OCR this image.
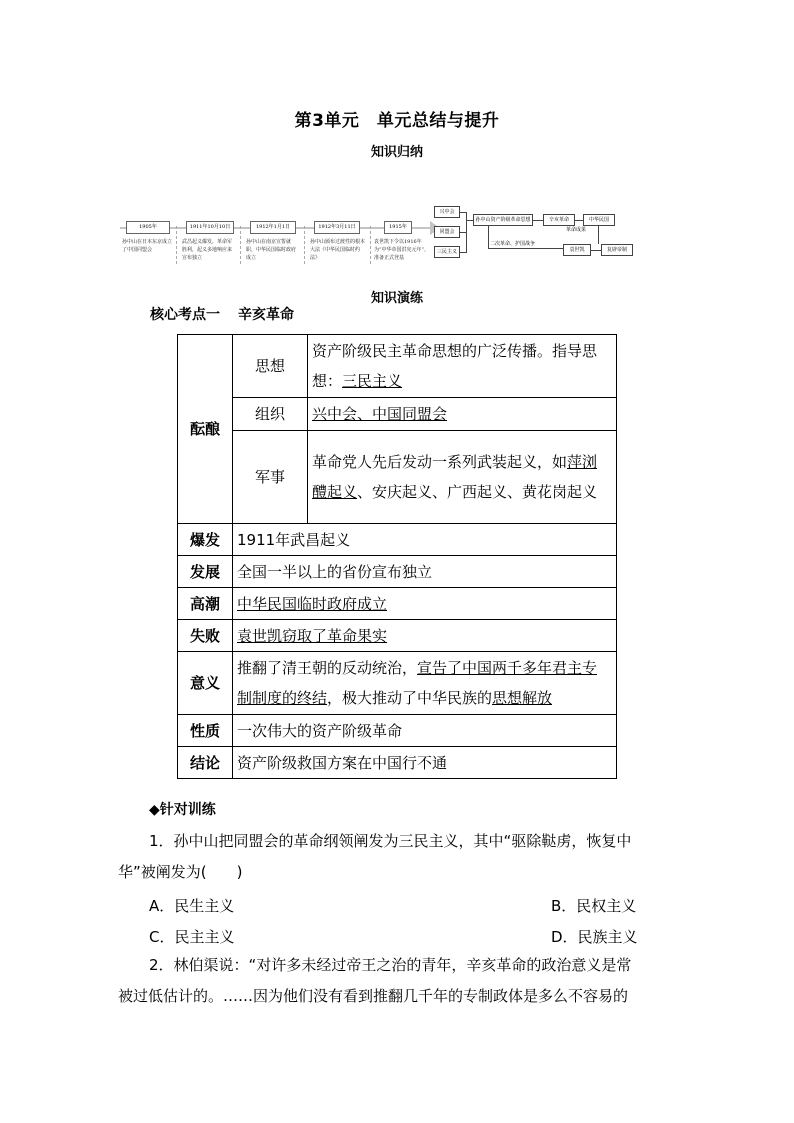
第3单元　单元总结与提升
知识归纳
1905年
孙中山在日本东京成立了中国同盟会
1911年10月10日
武昌起义爆发，革命军胜利，起义多地响应来宣布独立
1912年1月1日
孙中山在南京宣誓就职，中华民国临时政府成立
1912年3月11日
孙中山颁布过渡性的根本大法《中华民国临时约法》
1915年
袁世凯下令以1916年为“中华帝国洪宪元年”，准备正式登基
兴中会
同盟会
三民主义
孙中山资产阶级革命思想	辛亥革命	中华民国
革命成果
二次革命、护国战争
袁世凯	复辟帝制
知识演练
核心考点一 辛亥革命
酝酿	思想	资产阶级民主革命思想的广泛传播。指导思想：三民主义
	组织	兴中会、中国同盟会
	军事	革命党人先后发动一系列武装起义，如萍浏醴起义、安庆起义、广西起义、黄花岗起义
爆发	1911年武昌起义	
发展	全国一半以上的省份宣布独立	
高潮	中华民国临时政府成立	
失败	袁世凯窃取了革命果实	
意义	推翻了清王朝的反动统治，宣告了中国两千多年君主专制制度的终结，极大推动了中华民族的思想解放	
性质	一次伟大的资产阶级革命	
结论	资产阶级救国方案在中国行不通	
◆针对训练
1．孙中山把同盟会的革命纲领阐发为三民主义，其中“驱除鞑虏，恢复中
华”被阐发为(　　)
A．民生主义	B．民权主义
C．民主主义	D．民族主义
2．林伯渠说：“对许多未经过帝王之治的青年，辛亥革命的政治意义是常
被过低估计的。……因为他们没有看到推翻几千年的专制政体是多么不容易的
